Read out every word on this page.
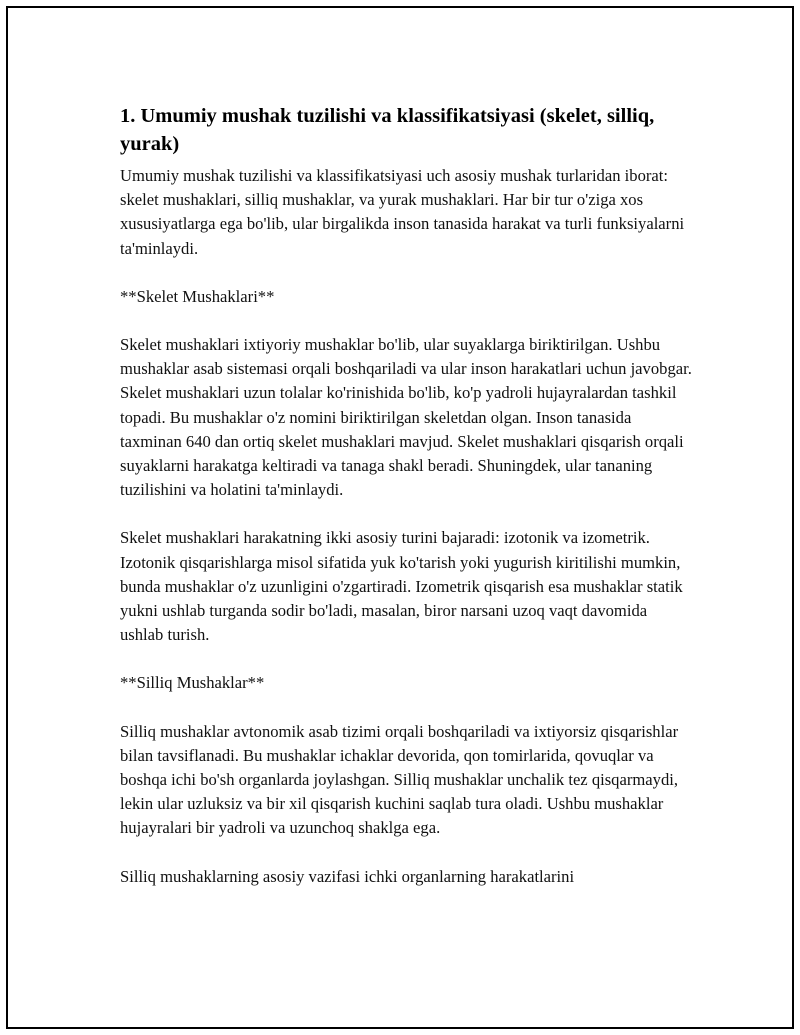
1. Umumiy mushak tuzilishi va klassifikatsiyasi (skelet, silliq, yurak)

Umumiy mushak tuzilishi va klassifikatsiyasi uch asosiy mushak turlaridan iborat: skelet mushaklari, silliq mushaklar, va yurak mushaklari. Har bir tur o'ziga xos xususiyatlarga ega bo'lib, ular birgalikda inson tanasida harakat va turli funksiyalarni ta'minlaydi.

**Skelet Mushaklari**

Skelet mushaklari ixtiyoriy mushaklar bo'lib, ular suyaklarga biriktirilgan. Ushbu mushaklar asab sistemasi orqali boshqariladi va ular inson harakatlari uchun javobgar. Skelet mushaklari uzun tolalar ko'rinishida bo'lib, ko'p yadroli hujayralardan tashkil topadi. Bu mushaklar o'z nomini biriktirilgan skeletdan olgan. Inson tanasida taxminan 640 dan ortiq skelet mushaklari mavjud. Skelet mushaklari qisqarish orqali suyaklarni harakatga keltiradi va tanaga shakl beradi. Shuningdek, ular tananing tuzilishini va holatini ta'minlaydi.

Skelet mushaklari harakatning ikki asosiy turini bajaradi: izotonik va izometrik. Izotonik qisqarishlarga misol sifatida yuk ko'tarish yoki yugurish kiritilishi mumkin, bunda mushaklar o'z uzunligini o'zgartiradi. Izometrik qisqarish esa mushaklar statik yukni ushlab turganda sodir bo'ladi, masalan, biror narsani uzoq vaqt davomida ushlab turish.

**Silliq Mushaklar**

Silliq mushaklar avtonomik asab tizimi orqali boshqariladi va ixtiyorsiz qisqarishlar bilan tavsiflanadi. Bu mushaklar ichaklar devorida, qon tomirlarida, qovuqlar va boshqa ichi bo'sh organlarda joylashgan. Silliq mushaklar unchalik tez qisqarmaydi, lekin ular uzluksiz va bir xil qisqarish kuchini saqlab tura oladi. Ushbu mushaklar hujayralari bir yadroli va uzunchoq shaklga ega.

Silliq mushaklarning asosiy vazifasi ichki organlarning harakatlarini
